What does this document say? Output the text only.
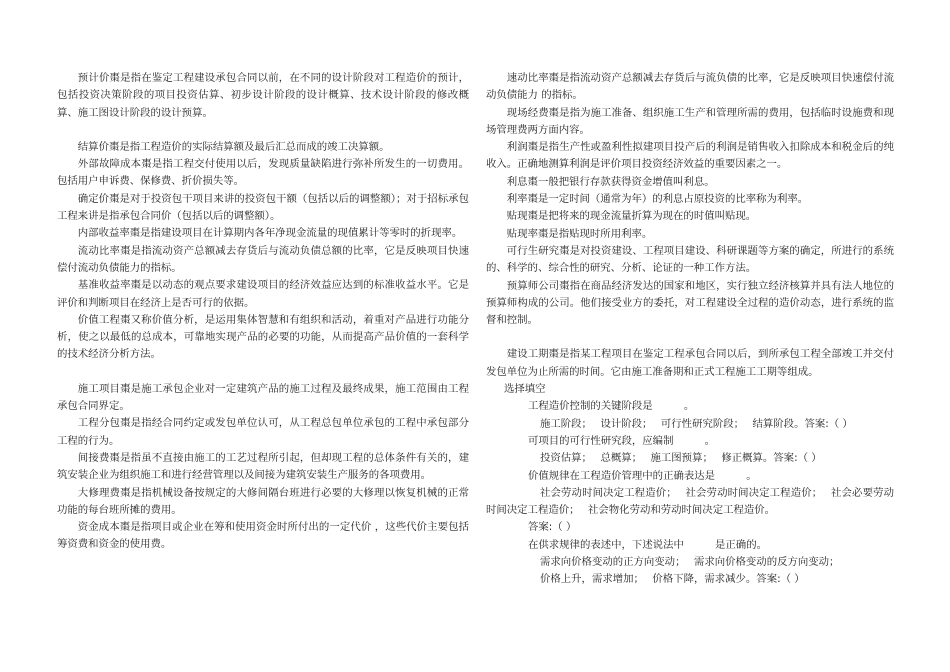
预计价棗是指在鉴定工程建设承包合同以前，在不同的设计阶段对工程造价的预计，包括投资决策阶段的项目投资估算、初步设计阶段的设计概算、技术设计阶段的修改概算、施工图设计阶段的设计预算。

结算价棗是指工程造价的实际结算额及最后汇总而成的竣工决算额。

外部故障成本棗是指工程交付使用以后，发现质量缺陷进行弥补所发生的一切费用。包括用户申诉费、保修费、折价损失等。

确定价棗是对于投资包干项目来讲的投资包干额（包括以后的调整额）；对于招标承包工程来讲是指承包合同价（包括以后的调整额）。

内部收益率棗是指建设项目在计算期内各年净现金流量的现值累计等零时的折现率。

流动比率棗是指流动资产总额减去存货后与流动负债总额的比率，它是反映项目快速偿付流动负债能力的指标。

基准收益率棗是以动态的观点要求建设项目的经济效益应达到的标准收益水平。它是评价和判断项目在经济上是否可行的依据。

价值工程棗又称价值分析，是运用集体智慧和有组织和活动，着重对产品进行功能分析，使之以最低的总成本，可靠地实现产品的必要的功能，从而提高产品价值的一套科学的技术经济分析方法。

施工项目棗是施工承包企业对一定建筑产品的施工过程及最终成果，施工范围由工程承包合同界定。

工程分包棗是指经合同约定或发包单位认可，从工程总包单位承包的工程中承包部分工程的行为。

间接费棗是指虽不直接由施工的工艺过程所引起，但却现工程的总体条件有关的，建筑安装企业为组织施工和进行经营管理以及间接为建筑安装生产服务的各项费用。

大修理费棗是指机械设备按规定的大修间隔台班进行必要的大修理以恢复机械的正常功能的每台班所摊的费用。

资金成本棗是指项目或企业在筹和使用资金时所付出的一定代价 ，这些代价主要包括筹资费和资金的使用费。

速动比率棗是指流动资产总额减去存货后与流负债的比率，它是反映项目快速偿付流动负债能力 的指标。

现场经费棗是指为施工准备、组织施工生产和管理所需的费用，包括临时设施费和现场管理费两方面内容。

利润棗是指生产性或盈利性拟建项目投产后的利润是销售收入扣除成本和税金后的纯收入。正确地测算利润是评价项目投资经济效益的重要因素之一。

利息棗一般把银行存款获得资金增值叫利息。

利率棗是一定时间（通常为年）的利息占原投资的比率称为利率。

贴现棗是把将来的现金流量折算为现在的时值叫贴现。

贴现率棗是指贴现时所用利率。

可行生研究棗是对投资建设、工程项目建设、科研课题等方案的确定，所进行的系统的、科学的、综合性的研究、分析、论证的一种工作方法。

预算师公司棗指在商品经济发达的国家和地区，实行独立经济核算并具有法人地位的预算师构成的公司。他们接受业方的委托，对工程建设全过程的造价动态，进行系统的监督和控制。

建设工期棗是指某工程项目在鉴定工程承包合同以后，到所承包工程全部竣工并交付发包单位为止所需的时间。它由施工准备期和正式工程施工工期等组成。

选择填空

工程造价控制的关键阶段是　　　。

施工阶段；　 设计阶段；　 可行性研究阶段；　 结算阶段。答案:（ ）

可项目的可行性研究段，应编制　　　。

投资估算；　 总概算；　 施工图预算；　 修正概算。答案:（ ）

价值规律在工程造价管理中的正确表达是　　　。

社会劳动时间决定工程造价；　 社会劳动时间决定工程造价；　 社会必要劳动时间决定工程造价；　 社会物化劳动和劳动时间决定工程造价。

答案:（ ）

在供求规律的表述中，下述说法中　　　是正确的。

需求向价格变动的正方向变动；　 需求向价格变动的反方向变动；

价格上升，需求增加；　 价格下降，需求减少。答案:（ ）
